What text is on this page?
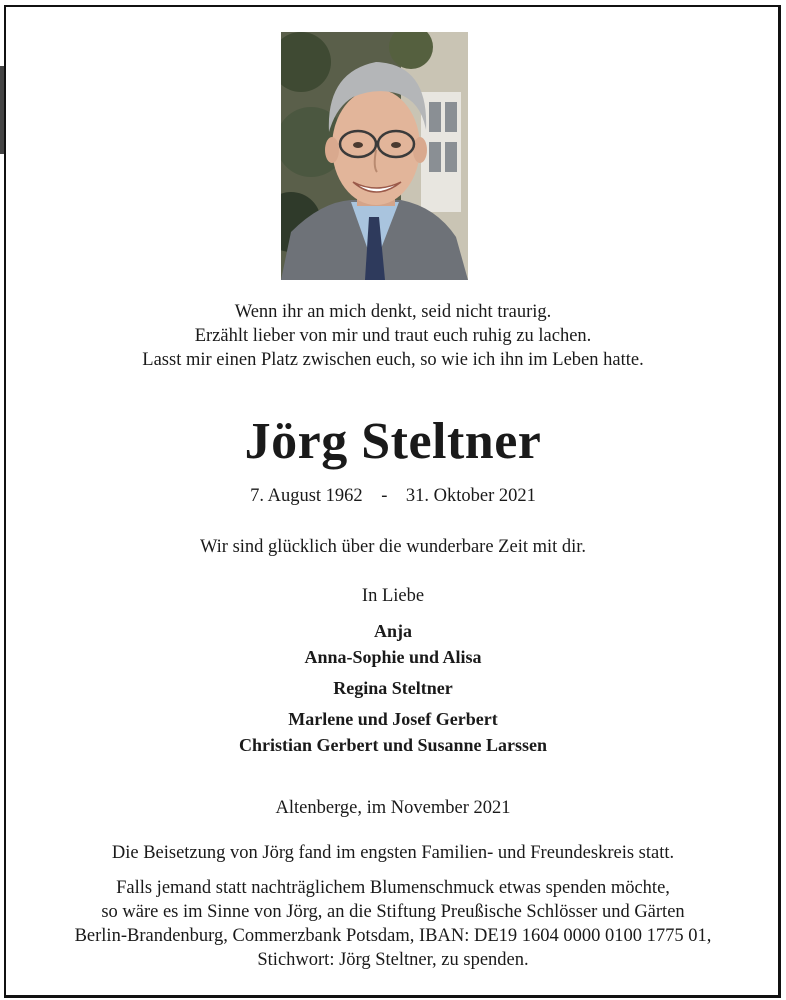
Wenn ihr an mich denkt, seid nicht traurig.
Erzählt lieber von mir und traut euch ruhig zu lachen.
Lasst mir einen Platz zwischen euch, so wie ich ihn im Leben hatte.
Jörg Steltner
7. August 1962 - 31. Oktober 2021
Wir sind glücklich über die wunderbare Zeit mit dir.
In Liebe
Anja
Anna-Sophie und Alisa
Regina Steltner
Marlene und Josef Gerbert
Christian Gerbert und Susanne Larssen
Altenberge, im November 2021
Die Beisetzung von Jörg fand im engsten Familien- und Freundeskreis statt.
Falls jemand statt nachträglichem Blumenschmuck etwas spenden möchte,
so wäre es im Sinne von Jörg, an die Stiftung Preußische Schlösser und Gärten
Berlin-Brandenburg, Commerzbank Potsdam, IBAN: DE19 1604 0000 0100 1775 01,
Stichwort: Jörg Steltner, zu spenden.
